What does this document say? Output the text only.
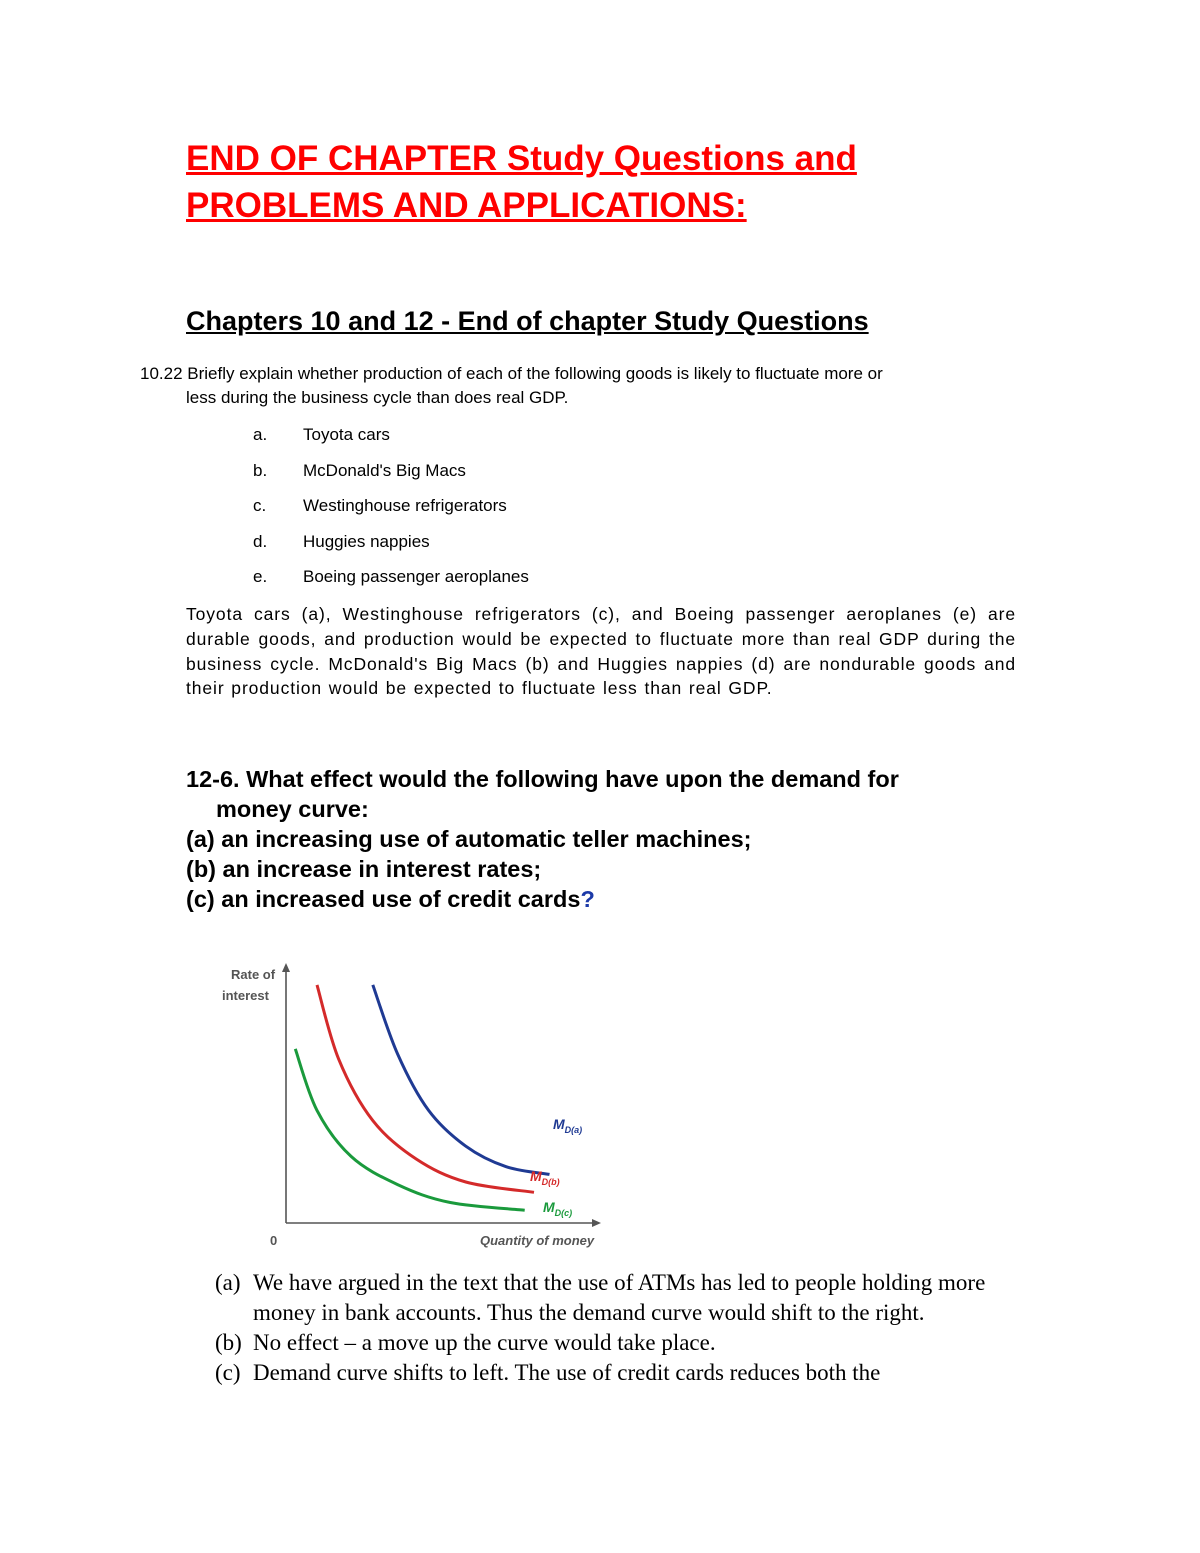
END OF CHAPTER Study Questions and
PROBLEMS AND APPLICATIONS:
Chapters 10 and 12 - End of chapter Study Questions

10.22 Briefly explain whether production of each of the following goods is likely to fluctuate more or
less during the business cycle than does real GDP.

a. Toyota cars
b. McDonald's Big Macs
c. Westinghouse refrigerators
d. Huggies nappies
e. Boeing passenger aeroplanes

Toyota cars (a), Westinghouse refrigerators (c), and Boeing passenger aeroplanes (e) are durable goods, and production would be expected to fluctuate more than real GDP during the business cycle. McDonald's Big Macs (b) and Huggies nappies (d) are nondurable goods and their production would be expected to fluctuate less than real GDP.

12-6. What effect would the following have upon the demand for
money curve:
(a) an increasing use of automatic teller machines;
(b) an increase in interest rates;
(c) an increased use of credit cards?
Rate of
interest
0	Quantity of money
$M_{D(a)}$
$M_{D(b)}$
$M_{D(c)}$
(a) We have argued in the text that the use of ATMs has led to people holding more money in bank accounts. Thus the demand curve would shift to the right.
(b) No effect – a move up the curve would take place.
(c) Demand curve shifts to left. The use of credit cards reduces both the
